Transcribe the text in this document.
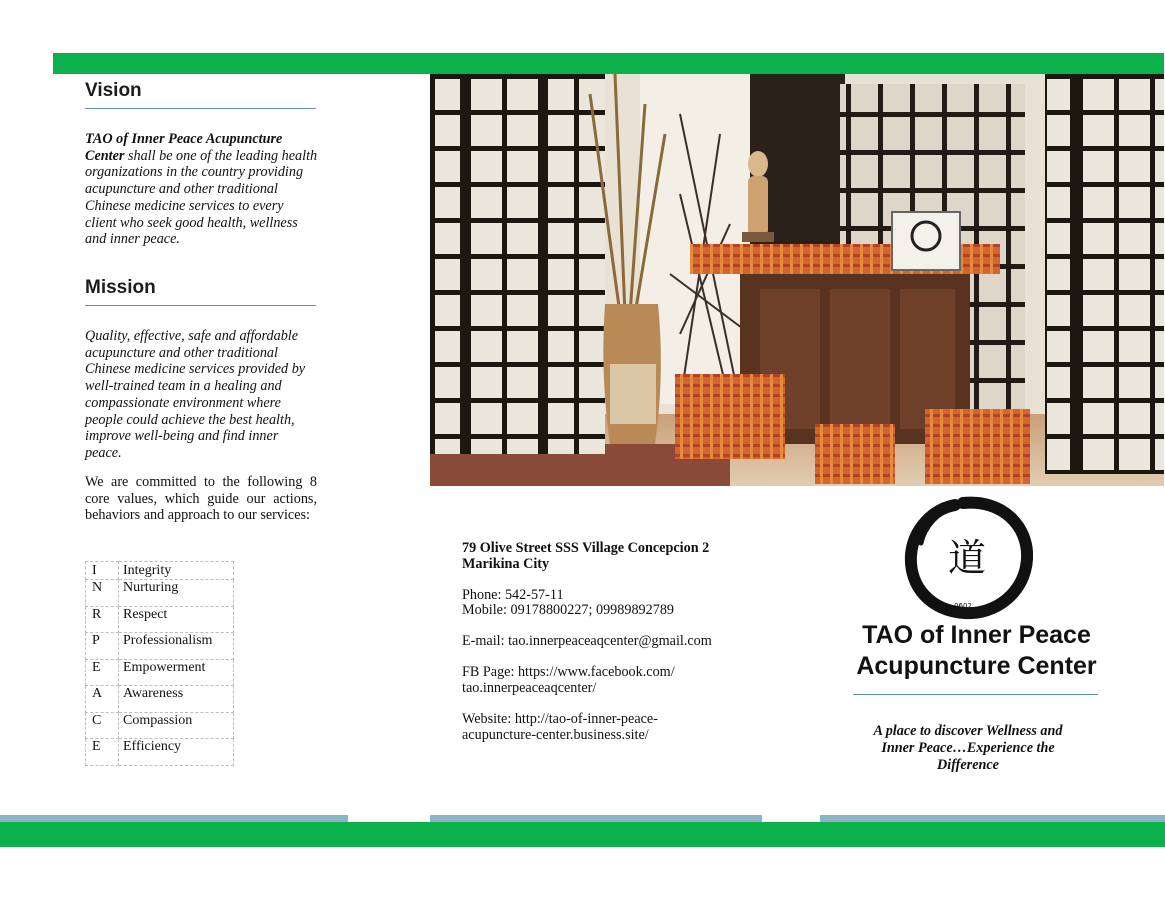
Vision
TAO of Inner Peace Acupuncture Center shall be one of the leading health organizations in the country providing acupuncture and other traditional Chinese medicine services to every client who seek good health, wellness and inner peace.
Mission
Quality, effective, safe and affordable acupuncture and other traditional Chinese medicine services provided by well-trained team in a healing and compassionate environment where people could achieve the best health, improve well-being and find inner peace.
We are committed to the following 8 core values, which guide our actions, behaviors and approach to our services:
I	Integrity
N	Nurturing
R	Respect
P	Professionalism
E	Empowerment
A	Awareness
C	Compassion
E	Efficiency

79 Olive Street SSS Village Concepcion 2
Marikina City

Phone: 542-57-11
Mobile: 09178800227; 09989892789

E-mail: tao.innerpeaceaqcenter@gmail.com

FB Page: https://www.facebook.com/
tao.innerpeaceaqcenter/

Website: http://tao-of-inner-peace-
acupuncture-center.business.site/

道
0602
TAO of Inner Peace
Acupuncture Center
A place to discover Wellness and Inner Peace…Experience the Difference
